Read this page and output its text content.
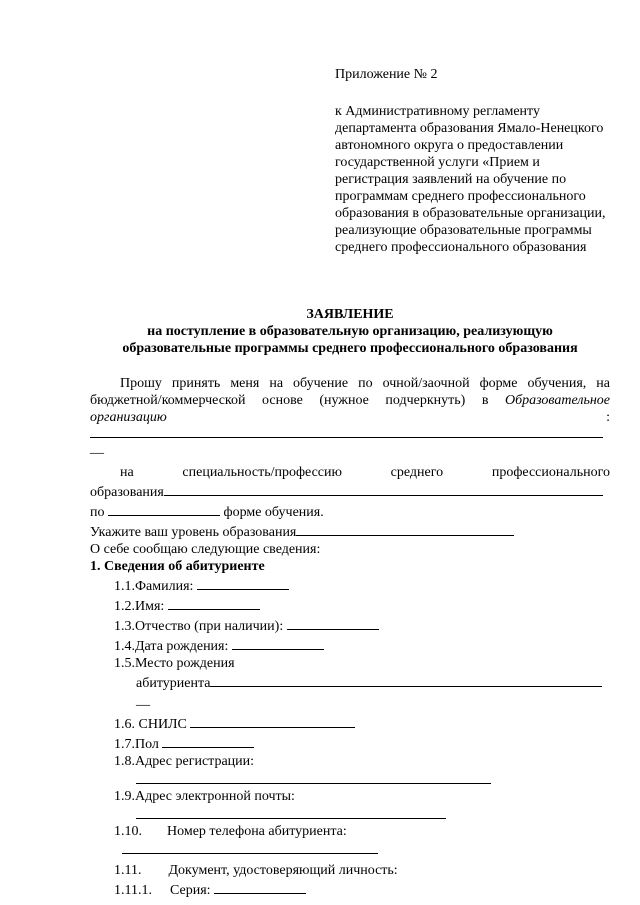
Приложение № 2

к Административному регламенту департамента образования Ямало-Ненецкого автономного округа о предоставлении государственной услуги «Прием и регистрация заявлений на обучение по программам среднего профессионального образования в образовательные организации, реализующие образовательные программы среднего профессионального образования

ЗАЯВЛЕНИЕ
на поступление в образовательную организацию, реализующую
образовательные программы среднего профессионального образования

Прошу принять меня на обучение по очной/заочной форме обучения, на бюджетной/коммерческой основе (нужное подчеркнуть) в Образовательное организацию	:

__
на	специальность/профессию	среднего	профессионального
образования
по	форме обучения.
Укажите ваш уровень образования
О себе сообщаю следующие сведения:
1. Сведения об абитуриенте
1.1.Фамилия:
1.2.Имя:
1.3.Отчество (при наличии):
1.4.Дата рождения:
1.5.Место рождения
абитуриента
__
1.6. СНИЛС
1.7.Пол
1.8.Адрес регистрации:
1.9.Адрес электронной почты:
1.10. Номер телефона абитуриента:
1.11. Документ, удостоверяющий личность:
1.11.1. Серия:
